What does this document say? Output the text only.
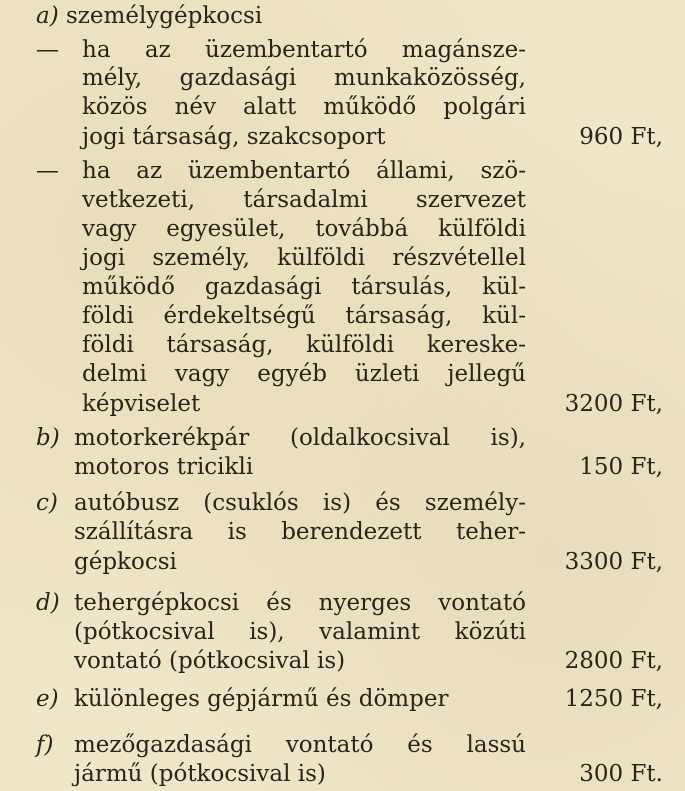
a) személygépkocsi
— ha az üzembentartó magánsze-
mély, gazdasági munkaközösség,
közös név alatt működő polgári
jogi társaság, szakcsoport	960 Ft,
— ha az üzembentartó állami, szö-
vetkezeti, társadalmi szervezet
vagy egyesület, továbbá külföldi
jogi személy, külföldi részvétellel
működő gazdasági társulás, kül-
földi érdekeltségű társaság, kül-
földi társaság, külföldi kereske-
delmi vagy egyéb üzleti jellegű
képviselet	3200 Ft,
b) motorkerékpár (oldalkocsival is),
motoros tricikli	150 Ft,
c) autóbusz (csuklós is) és személy-
szállításra is berendezett teher-
gépkocsi	3300 Ft,
d) tehergépkocsi és nyerges vontató
(pótkocsival is), valamint közúti
vontató (pótkocsival is)	2800 Ft,
e) különleges gépjármű és dömper	1250 Ft,
f) mezőgazdasági vontató és lassú
jármű (pótkocsival is)	300 Ft.
